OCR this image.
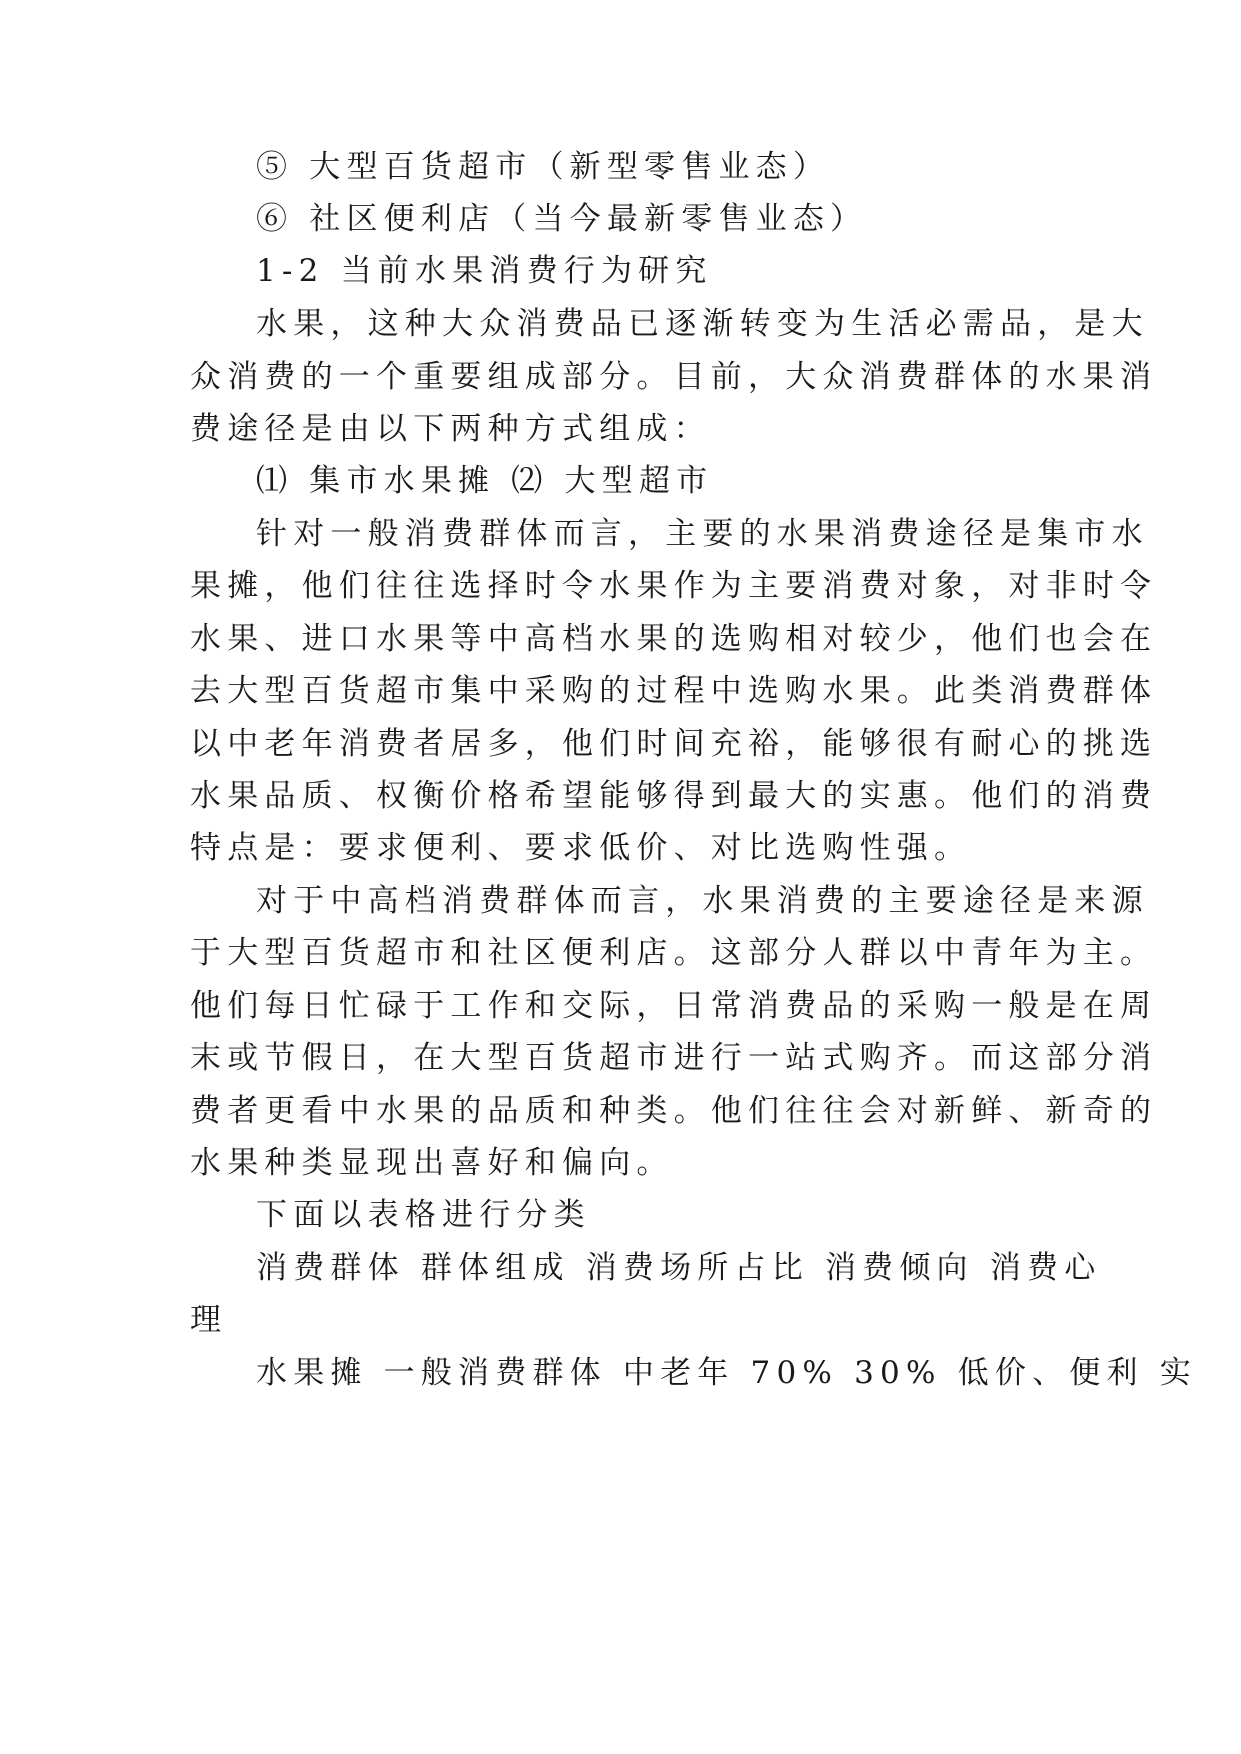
⑤ 大型百货超市（新型零售业态）
⑥ 社区便利店（当今最新零售业态）
1-2 当前水果消费行为研究
水果，这种大众消费品已逐渐转变为生活必需品，是大
众消费的一个重要组成部分。目前，大众消费群体的水果消
费途径是由以下两种方式组成：
⑴ 集市水果摊 ⑵ 大型超市
针对一般消费群体而言，主要的水果消费途径是集市水
果摊，他们往往选择时令水果作为主要消费对象，对非时令
水果、进口水果等中高档水果的选购相对较少，他们也会在
去大型百货超市集中采购的过程中选购水果。此类消费群体
以中老年消费者居多，他们时间充裕，能够很有耐心的挑选
水果品质、权衡价格希望能够得到最大的实惠。他们的消费
特点是：要求便利、要求低价、对比选购性强。
对于中高档消费群体而言，水果消费的主要途径是来源
于大型百货超市和社区便利店。这部分人群以中青年为主。
他们每日忙碌于工作和交际，日常消费品的采购一般是在周
末或节假日，在大型百货超市进行一站式购齐。而这部分消
费者更看中水果的品质和种类。他们往往会对新鲜、新奇的
水果种类显现出喜好和偏向。
下面以表格进行分类
消费群体 群体组成 消费场所占比 消费倾向 消费心
理
水果摊 一般消费群体 中老年 70% 30% 低价、便利 实
